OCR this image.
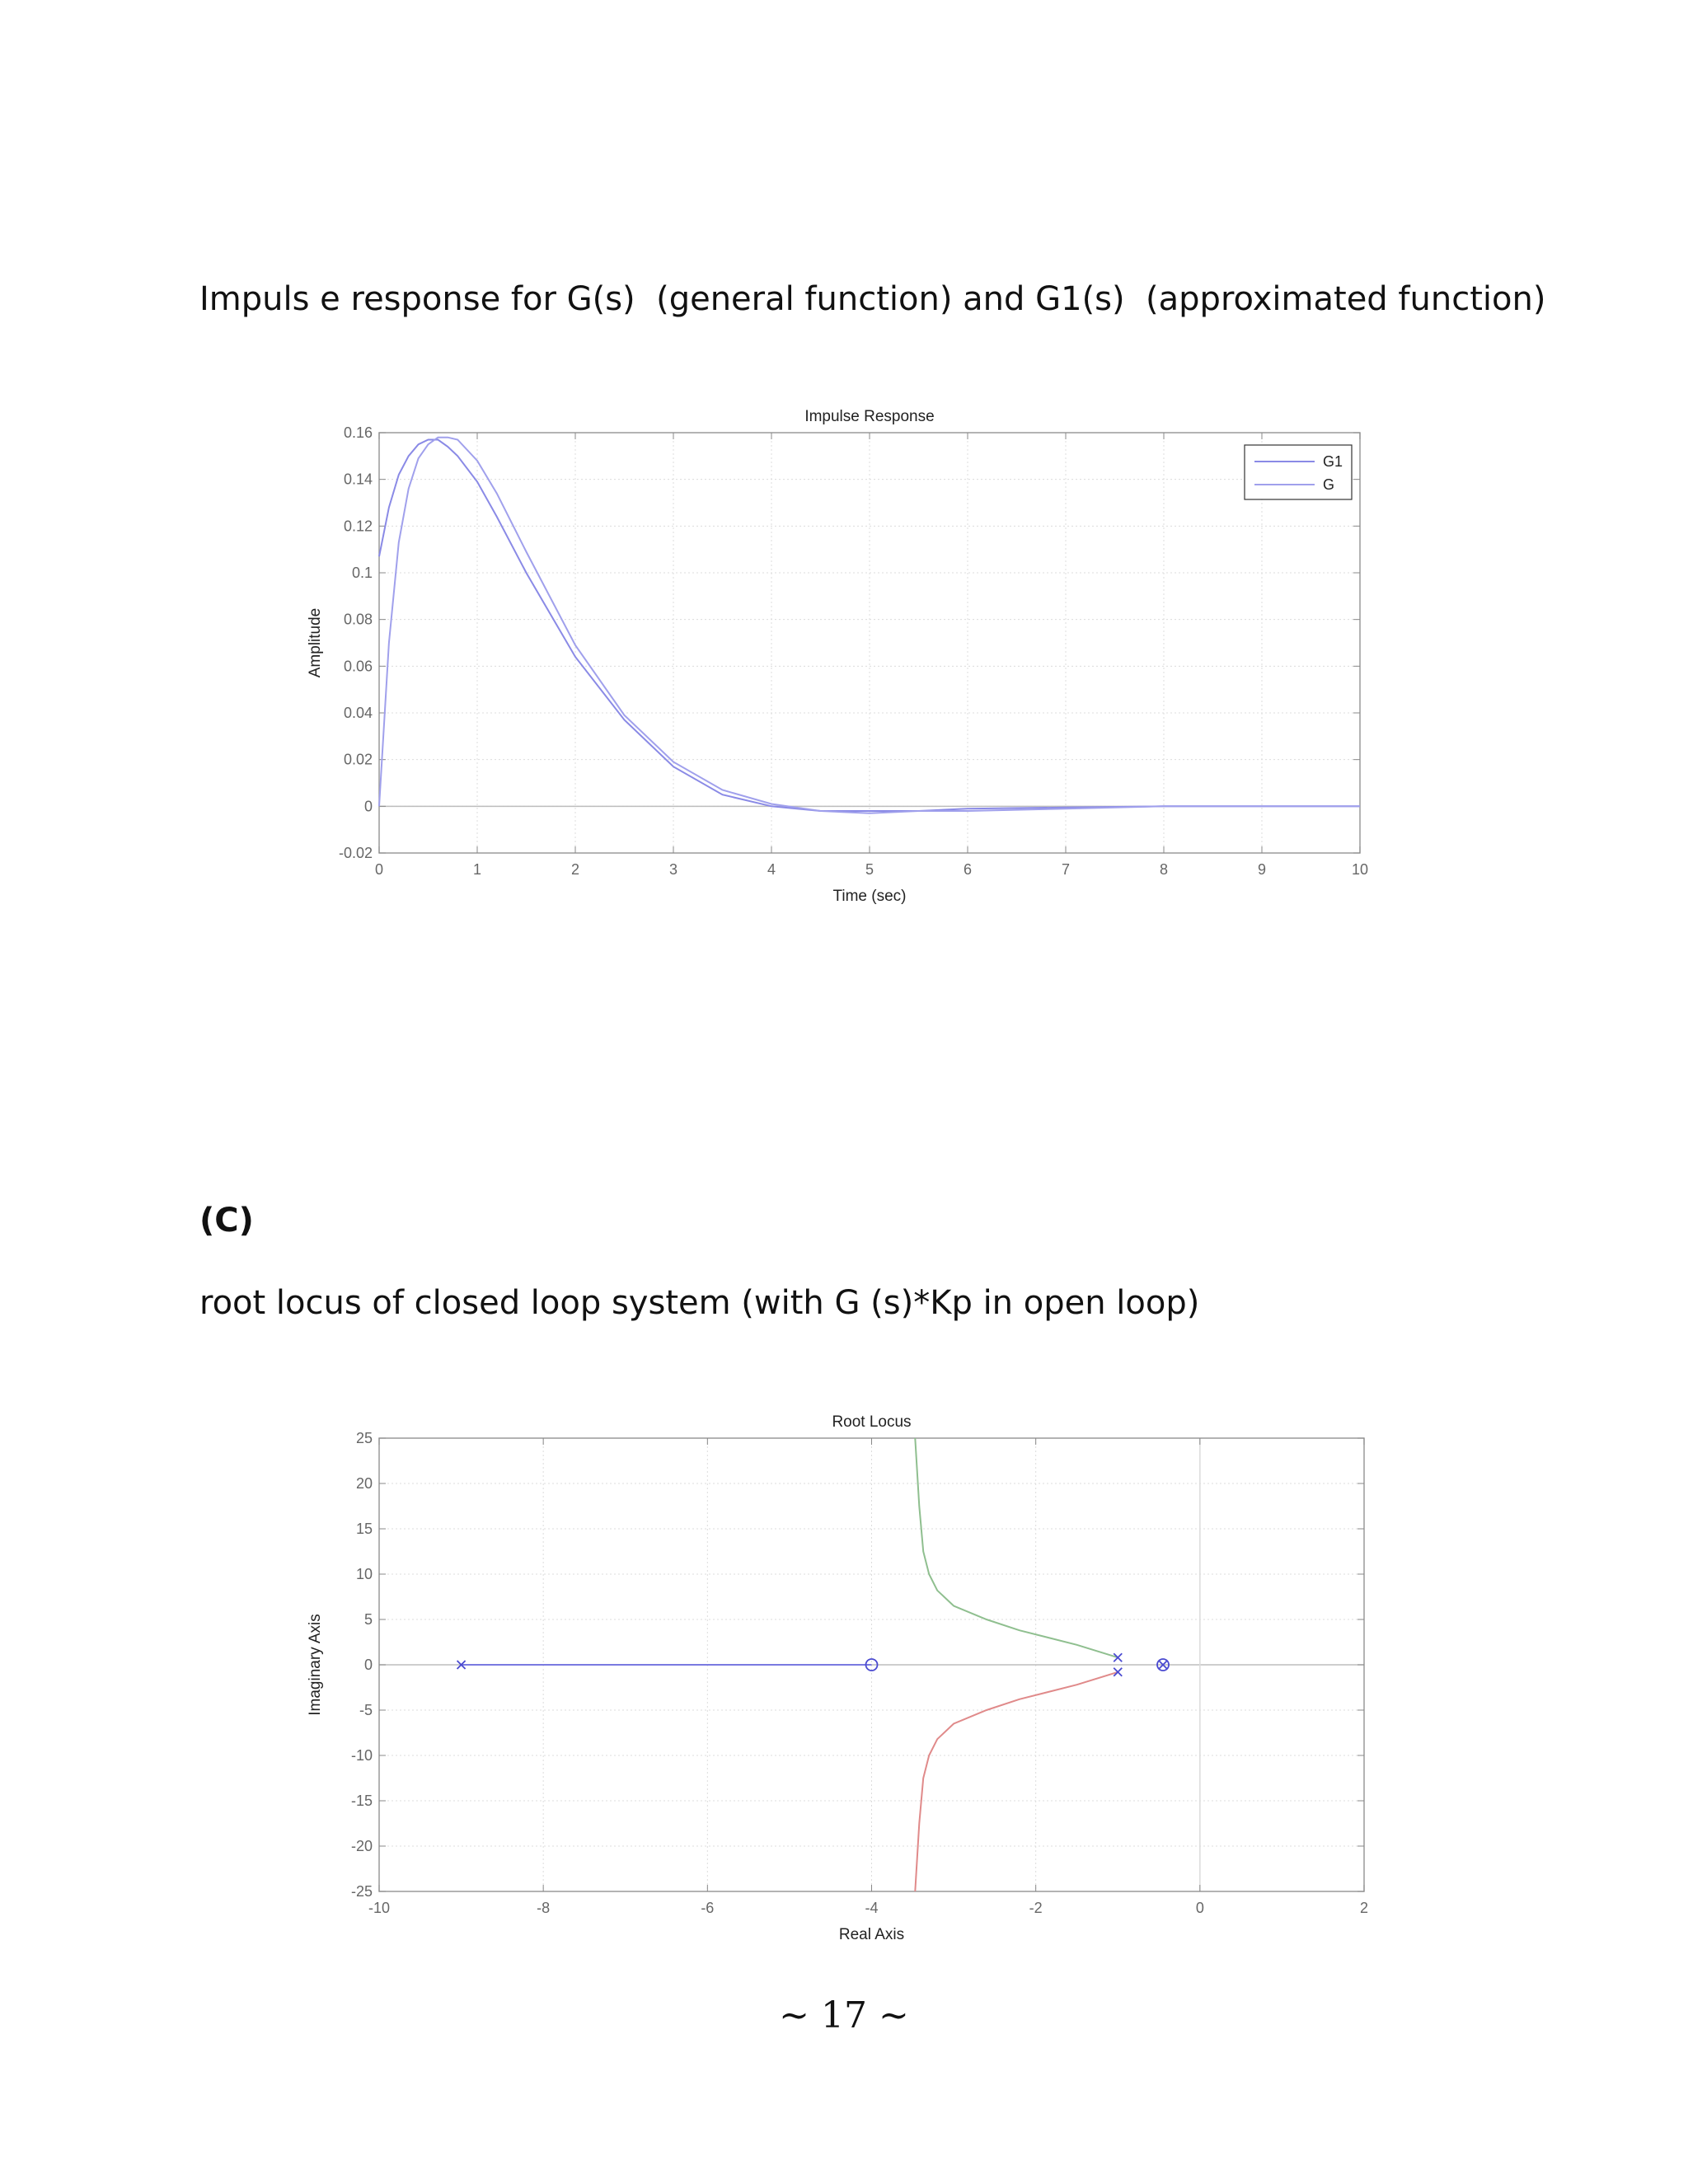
Impuls e response for G(s)  (general function) and G1(s)  (approximated function)

0	1	2	3	4	5	6	7	8	9	10
-0.02
0
0.02
0.04
0.06
0.08
0.1
0.12
0.14
0.16
Impulse Response
Time (sec)
Amplitude
G1
G

(C)

root locus of closed loop system (with G (s)*Kp in open loop)

-10	-8	-6	-4	-2	0	2
-25
-20
-15
-10
-5
0
5
10
15
20
25
Root Locus
Real Axis
Imaginary Axis
~ 17 ~
